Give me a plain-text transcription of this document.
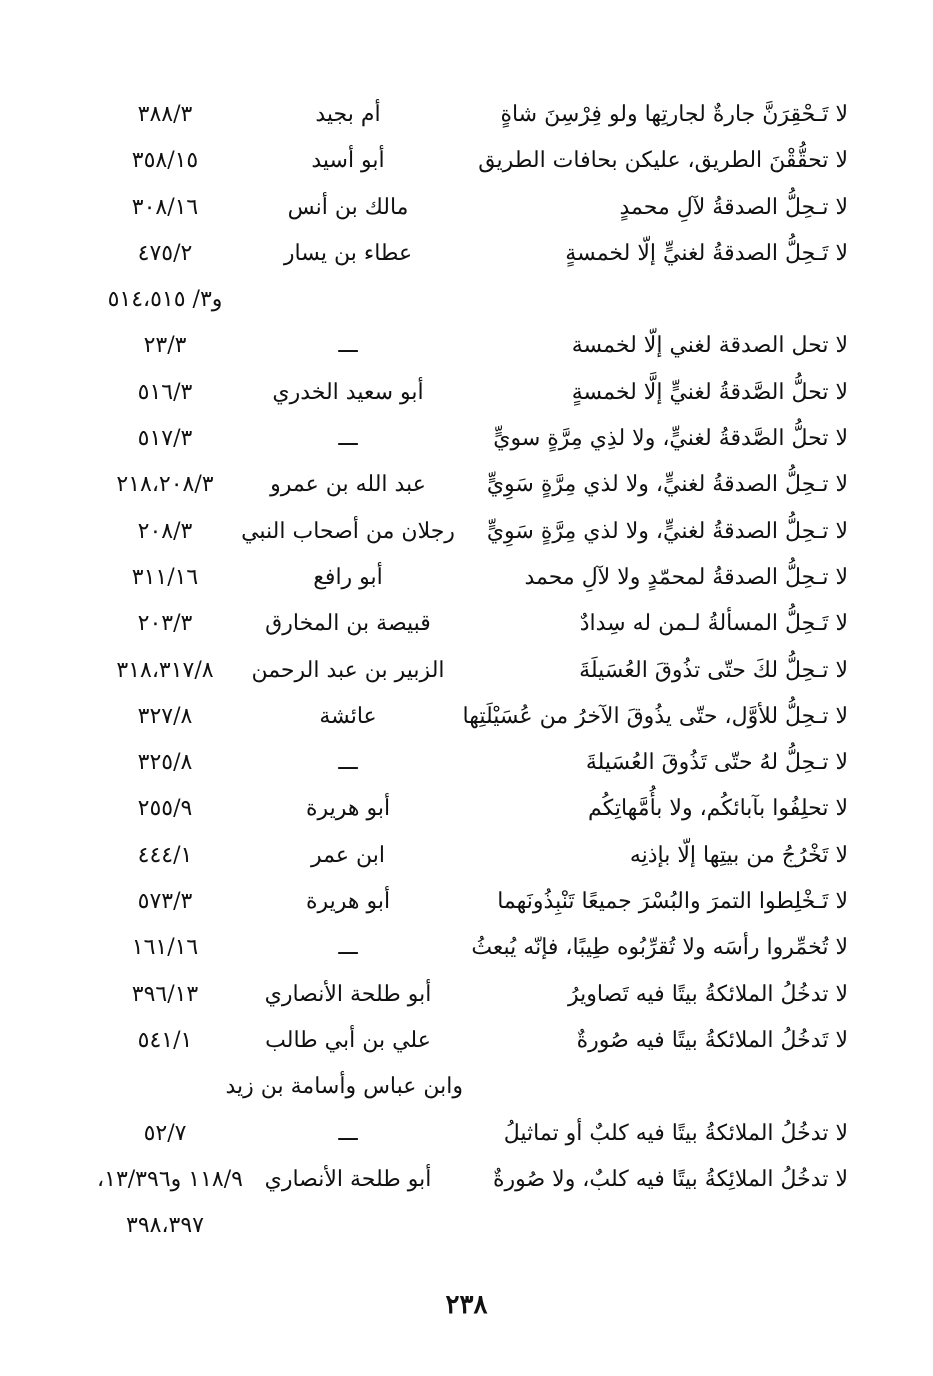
لا تَـحْقِرَنَّ جارةٌ لجارتِها ولو فِرْسِنَ شاةٍ
أم بجيد
٣٨٨/٣
لا تحقُّقْنَ الطريق، عليكن بحافات الطريق
أبو أسيد
٣٥٨/١٥
لا تـحِلُّ الصدقةُ لآلِ محمدٍ
مالك بن أنس
٣٠٨/١٦
لا تَـحِلُّ الصدقةُ لغنيٍّ إلّا لخمسةٍ
عطاء بن يسار
٤٧٥/٢
و٣/ ٥١٤،٥١٥
لا تحل الصدقة لغني إلّا لخمسة
ـــ
٢٣/٣
لا تحلُّ الصَّدقةُ لغنيٍّ إلَّا لخمسةٍ
أبو سعيد الخدري
٥١٦/٣
لا تحلُّ الصَّدقةُ لغنيٍّ، ولا لذِي مِرَّةٍ سويٍّ
ـــ
٥١٧/٣
لا تـحِلُّ الصدقةُ لغنيٍّ، ولا لذي مِرَّةٍ سَوِيٍّ
عبد الله بن عمرو
٢١٨،٢٠٨/٣
لا تـحِلُّ الصدقةُ لغنيٍّ، ولا لذي مِرَّةٍ سَوِيٍّ
رجلان من أصحاب النبي
٢٠٨/٣
لا تـحِلُّ الصدقةُ لمحمّدٍ ولا لآلِ محمد
أبو رافع
٣١١/١٦
لا تَـحِلُّ المسألةُ لـمن له سِدادٌ
قبيصة بن المخارق
٢٠٣/٣
لا تـحِلُّ لكَ حتّى تذُوقَ العُسَيلَةَ
الزبير بن عبد الرحمن
٣١٨،٣١٧/٨
لا تـحِلُّ للأوَّل، حتّى يذُوقَ الآخرُ من عُسَيْلَتِها
عائشة
٣٢٧/٨
لا تـحِلُّ لهُ حتّى تَذُوقَ العُسَيلةَ
ـــ
٣٢٥/٨
لا تحلِفُوا بآبائكُم، ولا بأُمَّهاتِكُم
أبو هريرة
٢٥٥/٩
لا تَخْرُجُ من بيتِها إلّا بإذنِه
ابن عمر
٤٤٤/١
لا تَـخْلِطوا التمرَ والبُسْرَ جميعًا تَنْبِذُونَهما
أبو هريرة
٥٧٣/٣
لا تُخمِّروا رأسَه ولا تُقرِّبُوه طِيبًا، فإنّه يُبعثُ
ـــ
١٦١/١٦
لا تدخُلُ الملائكةُ بيتًا فيه تَصاويرُ
أبو طلحة الأنصاري
٣٩٦/١٣
لا تَدخُلُ الملائكةُ بيتًا فيه صُورةٌ
علي بن أبي طالب
٥٤١/١
وابن عباس وأسامة بن زيد
لا تدخُلُ الملائكةُ بيتًا فيه كلبٌ أو تماثيلُ
ـــ
٥٢/٧
لا تدخُلُ الملائِكةُ بيتًا فيه كلبٌ، ولا صُورةٌ
أبو طلحة الأنصاري
١١٨/٩ و١٣/٣٩٦،
٣٩٨،٣٩٧
٢٣٨
